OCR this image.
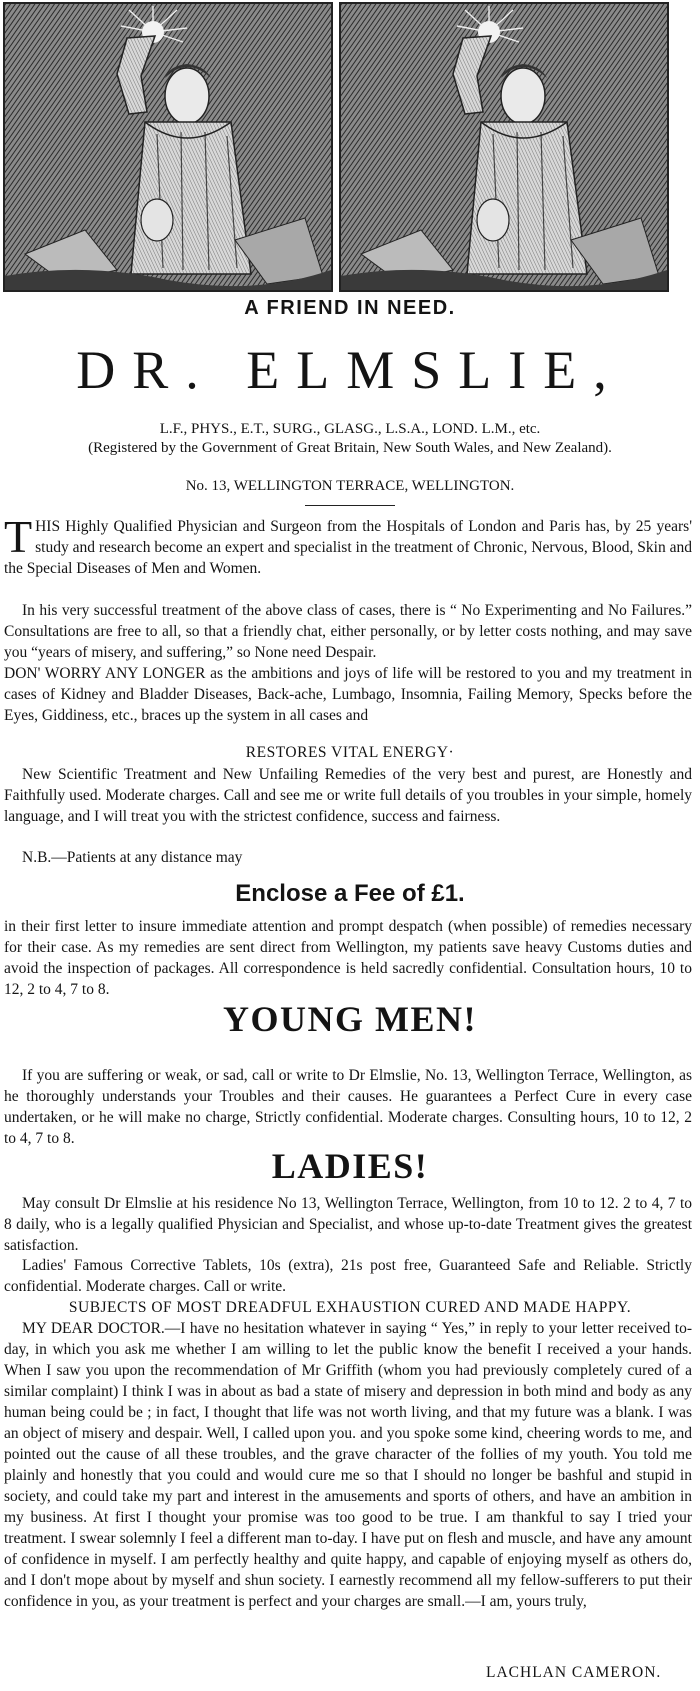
A FRIEND IN NEED.
DR. ELMSLIE,
L.F., PHYS., E.T., SURG., GLASG., L.S.A., LOND. L.M., etc.
(Registered by the Government of Great Britain, New South Wales, and New Zealand).
No. 13, WELLINGTON TERRACE, WELLINGTON.

THIS Highly Qualified Physician and Surgeon from the Hospitals of London and Paris has, by 25 years' study and research become an expert and specialist in the treatment of Chronic, Nervous, Blood, Skin and the Special Diseases of Men and Women.

In his very successful treatment of the above class of cases, there is “ No Experimenting and No Failures.” Consultations are free to all, so that a friendly chat, either personally, or by letter costs nothing, and may save you “years of misery, and suffering,” so None need Despair.

DON' WORRY ANY LONGER as the ambitions and joys of life will be restored to you and my treatment in cases of Kidney and Bladder Diseases, Back-ache, Lumbago, Insomnia, Failing Memory, Specks before the Eyes, Giddiness, etc., braces up the system in all cases and

RESTORES VITAL ENERGY·

New Scientific Treatment and New Unfailing Remedies of the very best and purest, are Honestly and Faithfully used. Moderate charges. Call and see me or write full details of you troubles in your simple, homely language, and I will treat you with the strictest confidence, success and fairness.

N.B.—Patients at any distance may

Enclose a Fee of £1.

in their first letter to insure immediate attention and prompt despatch (when possible) of remedies necessary for their case. As my remedies are sent direct from Wellington, my patients save heavy Customs duties and avoid the inspection of packages. All correspondence is held sacredly confidential. Consultation hours, 10 to 12, 2 to 4, 7 to 8.

YOUNG MEN!

If you are suffering or weak, or sad, call or write to Dr Elmslie, No. 13, Wellington Terrace, Wellington, as he thoroughly understands your Troubles and their causes. He guarantees a Perfect Cure in every case undertaken, or he will make no charge, Strictly confidential. Moderate charges. Consulting hours, 10 to 12, 2 to 4, 7 to 8.

LADIES!

May consult Dr Elmslie at his residence No 13, Wellington Terrace, Wellington, from 10 to 12. 2 to 4, 7 to 8 daily, who is a legally qualified Physician and Specialist, and whose up-to-date Treatment gives the greatest satisfaction.

Ladies' Famous Corrective Tablets, 10s (extra), 21s post free, Guaranteed Safe and Reliable. Strictly confidential. Moderate charges. Call or write.

SUBJECTS OF MOST DREADFUL EXHAUSTION CURED AND MADE HAPPY.

MY DEAR DOCTOR.—I have no hesitation whatever in saying “ Yes,” in reply to your letter received to-day, in which you ask me whether I am willing to let the public know the benefit I received a your hands. When I saw you upon the recommendation of Mr Griffith (whom you had previously completely cured of a similar complaint) I think I was in about as bad a state of misery and depression in both mind and body as any human being could be ; in fact, I thought that life was not worth living, and that my future was a blank. I was an object of misery and despair. Well, I called upon you. and you spoke some kind, cheering words to me, and pointed out the cause of all these troubles, and the grave character of the follies of my youth. You told me plainly and honestly that you could and would cure me so that I should no longer be bashful and stupid in society, and could take my part and interest in the amusements and sports of others, and have an ambition in my business. At first I thought your promise was too good to be true. I am thankful to say I tried your treatment. I swear solemnly I feel a different man to-day. I have put on flesh and muscle, and have any amount of confidence in myself. I am perfectly healthy and quite happy, and capable of enjoying myself as others do, and I don't mope about by myself and shun society. I earnestly recommend all my fellow-sufferers to put their confidence in you, as your treatment is perfect and your charges are small.—I am, yours truly,

LACHLAN CAMERON.
